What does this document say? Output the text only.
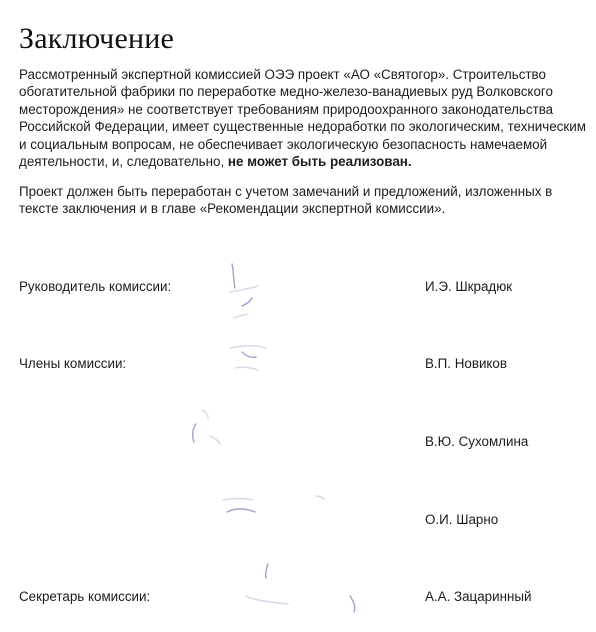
Заключение
Рассмотренный экспертной комиссией ОЭЭ проект «АО «Святогор». Строительство обогатительной фабрики по переработке медно-железо-ванадиевых руд Волковского месторождения» не соответствует требованиям природоохранного законодательства Российской Федерации, имеет существенные недоработки по экологическим, техническим и социальным вопросам, не обеспечивает экологическую безопасность намечаемой деятельности, и, следовательно, не может быть реализован.
Проект должен быть переработан с учетом замечаний и предложений, изложенных в тексте заключения и в главе «Рекомендации экспертной комиссии».
Руководитель комиссии:	И.Э. Шкрадюк
Члены комиссии:	В.П. Новиков
В.Ю. Сухомлина
О.И. Шарно
Секретарь комиссии:	А.А. Зацаринный
